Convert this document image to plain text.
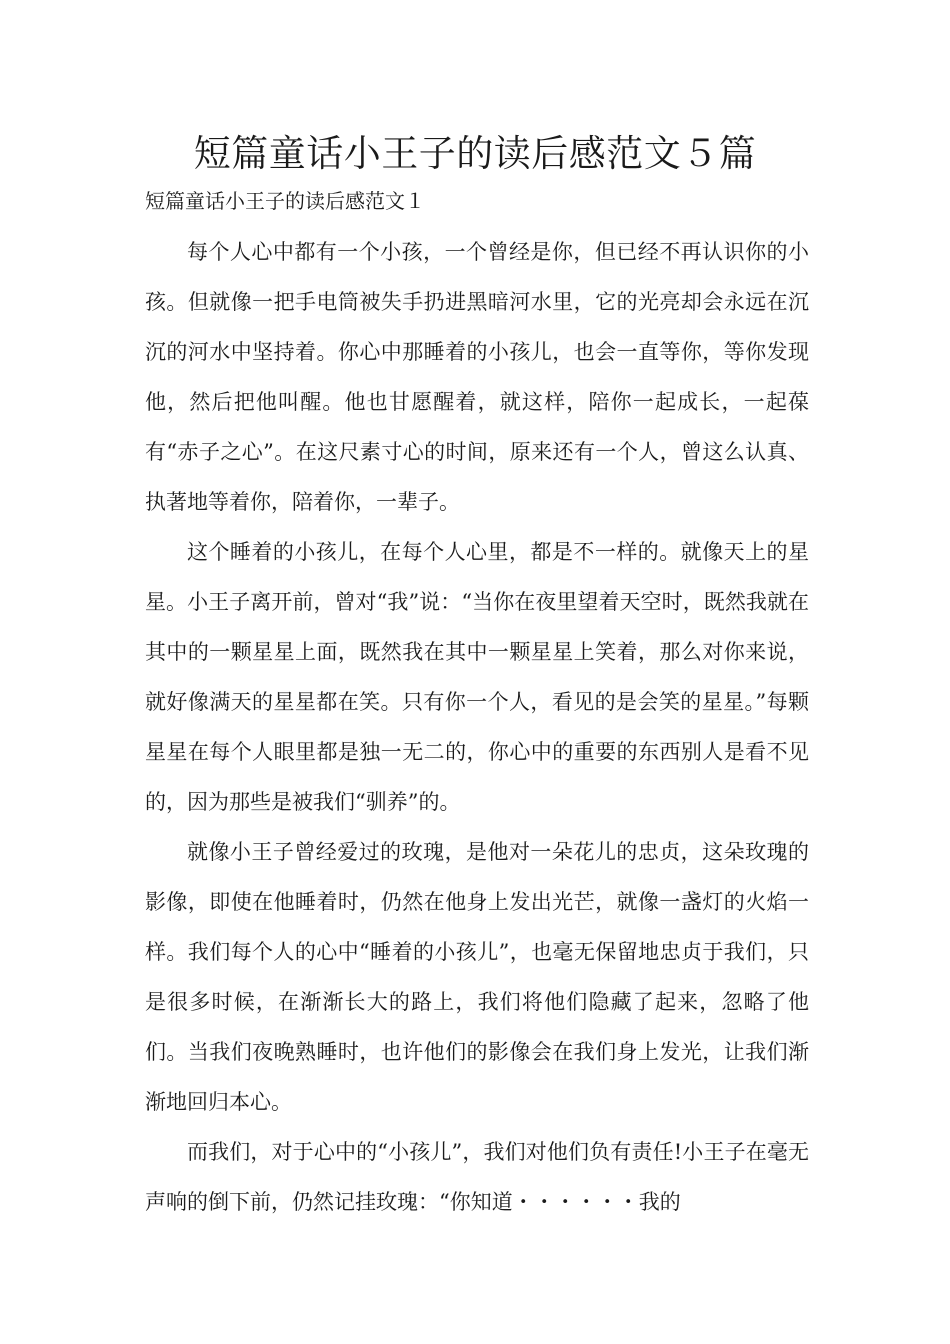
短篇童话小王子的读后感范文５篇

短篇童话小王子的读后感范文１

每个人心中都有一个小孩，一个曾经是你，但已经不再认识你的小孩。但就像一把手电筒被失手扔进黑暗河水里，它的光亮却会永远在沉沉的河水中坚持着。你心中那睡着的小孩儿，也会一直等你，等你发现他，然后把他叫醒。他也甘愿醒着，就这样，陪你一起成长，一起葆有“赤子之心”。在这尺素寸心的时间，原来还有一个人，曾这么认真、执著地等着你，陪着你，一辈子。

这个睡着的小孩儿，在每个人心里，都是不一样的。就像天上的星星。小王子离开前，曾对“我”说：“当你在夜里望着天空时，既然我就在其中的一颗星星上面，既然我在其中一颗星星上笑着，那么对你来说，就好像满天的星星都在笑。只有你一个人，看见的是会笑的星星。”每颗星星在每个人眼里都是独一无二的，你心中的重要的东西别人是看不见的，因为那些是被我们“驯养”的。

就像小王子曾经爱过的玫瑰，是他对一朵花儿的忠贞，这朵玫瑰的影像，即使在他睡着时，仍然在他身上发出光芒，就像一盏灯的火焰一样。我们每个人的心中“睡着的小孩儿”，也毫无保留地忠贞于我们，只是很多时候，在渐渐长大的路上，我们将他们隐藏了起来，忽略了他们。当我们夜晚熟睡时，也许他们的影像会在我们身上发光，让我们渐渐地回归本心。

而我们，对于心中的“小孩儿”，我们对他们负有责任!小王子在毫无声响的倒下前，仍然记挂玫瑰：“你知道・・・・・・我的
